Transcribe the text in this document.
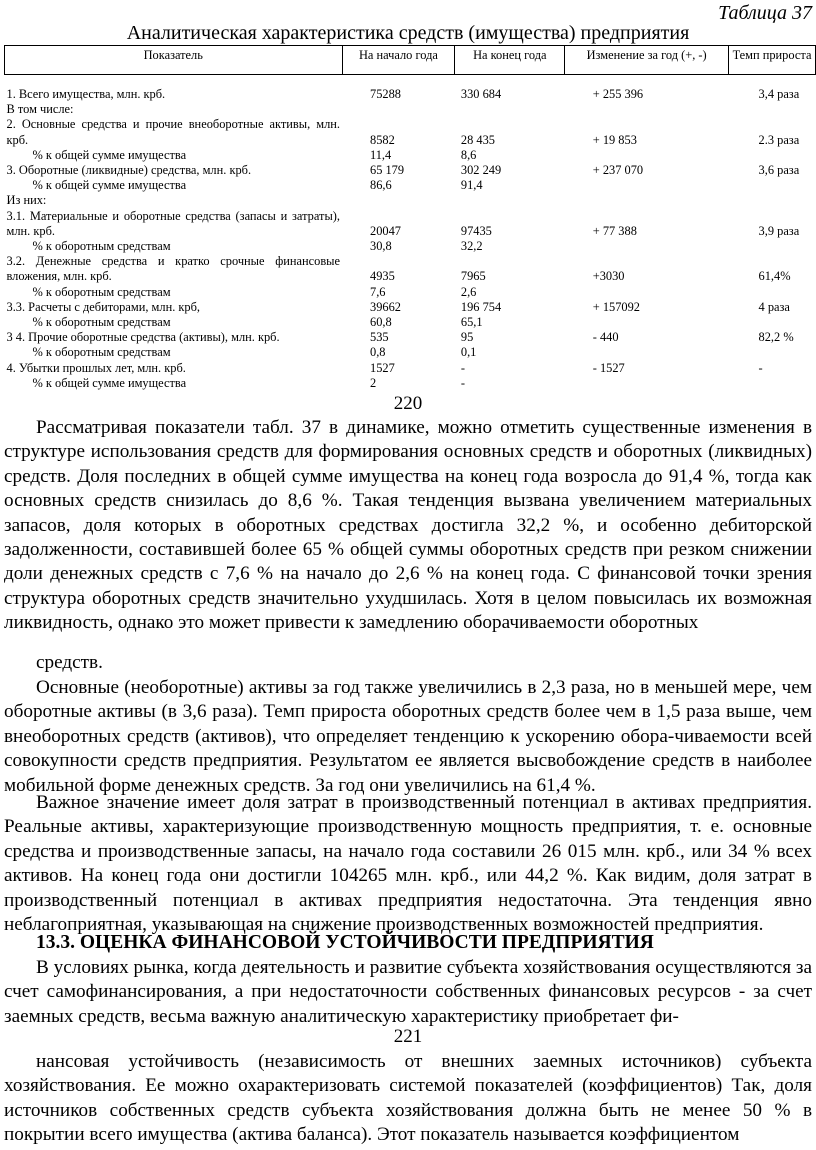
Таблица 37
Аналитическая характеристика средств (имущества) предприятия
Показатель	На начало года	На конец года	Изменение за год (+, -)	Темп прироста
1. Всего имущества, млн. крб.	75288	330 684	+ 255 396	3,4 раза
В том числе:				
2. Основные средства и прочие внеоборотные активы, млн. крб.	8582	28 435	+ 19 853	2.3 раза
% к общей сумме имущества	11,4	8,6		
3. Оборотные (ликвидные) средства, млн. крб.	65 179	302 249	+ 237 070	3,6 раза
% к общей сумме имущества	86,6	91,4		
Из них:				
3.1. Материальные и оборотные средства (запасы и затраты), млн. крб.	20047	97435	+ 77 388	3,9 раза
% к оборотным средствам	30,8	32,2		
3.2. Денежные средства и кратко срочные финансовые вложения, млн. крб.	4935	7965	+3030	61,4%
% к оборотным средствам	7,6	2,6		
3.3. Расчеты с дебиторами, млн. крб,	39662	196 754	+ 157092	4 раза
% к оборотным средствам	60,8	65,1		
3 4. Прочие оборотные средства (активы), млн. крб.	535	95	- 440	82,2 %
% к оборотным средствам	0,8	0,1		
4. Убытки прошлых лет, млн. крб.	1527	-	- 1527	-
% к общей сумме имущества	2	-		
220

Рассматривая показатели табл. 37 в динамике, можно отметить существенные изменения в структуре использования средств для формирования основных средств и оборотных (ликвидных) средств. Доля последних в общей сумме имущества на конец года возросла до 91,4 %, тогда как основных средств снизилась до 8,6 %. Такая тенденция вызвана увеличением материальных запасов, доля которых в оборотных средствах достигла 32,2 %, и особенно дебиторской задолженности, составившей более 65 % общей суммы оборотных средств при резком снижении доли денежных средств с 7,6 % на начало до 2,6 % на конец года. С финансовой точки зрения структура оборотных средств значительно ухудшилась. Хотя в целом повысилась их возможная ликвидность, однако это может привести к замедлению оборачиваемости оборотных

средств.

Основные (необоротные) активы за год также увеличились в 2,3 раза, но в меньшей мере, чем оборотные активы (в 3,6 раза). Темп прироста оборотных средств более чем в 1,5 раза выше, чем внеоборотных средств (активов), что определяет тенденцию к ускорению обора-чиваемости всей совокупности средств предприятия. Результатом ее является высвобождение средств в наиболее мобильной форме денежных средств. За год они увеличились на 61,4 %.

Важное значение имеет доля затрат в производственный потенциал в активах предприятия. Реальные активы, характеризующие производственную мощность предприятия, т. е. основные средства и производственные запасы, на начало года составили 26 015 млн. крб., или 34 % всех активов. На конец года они достигли 104265 млн. крб., или 44,2 %. Как видим, доля затрат в производственный потенциал в активах предприятия недостаточна. Эта тенденция явно неблагоприятная, указывающая на снижение производственных возможностей предприятия.

13.3. ОЦЕНКА ФИНАНСОВОЙ УСТОЙЧИВОСТИ ПРЕДПРИЯТИЯ

В условиях рынка, когда деятельность и развитие субъекта хозяйствования осуществляются за счет самофинансирования, а при недостаточности собственных финансовых ресурсов - за счет заемных средств, весьма важную аналитическую характеристику приобретает фи-

221

нансовая устойчивость (независимость от внешних заемных источников) субъекта хозяйствования. Ее можно охарактеризовать системой показателей (коэффициентов) Так, доля источников собственных средств субъекта хозяйствования должна быть не менее 50 % в покрытии всего имущества (актива баланса). Этот показатель называется коэффициентом
